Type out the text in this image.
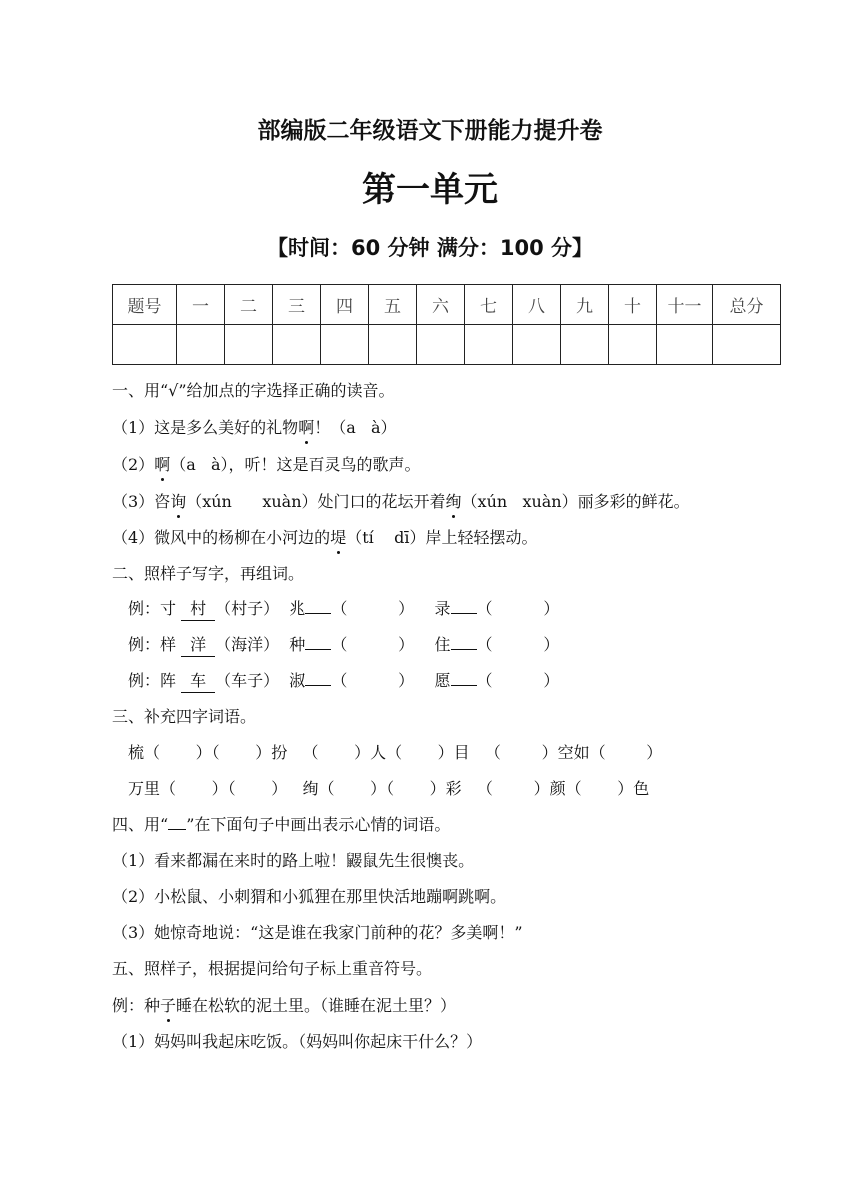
部编版二年级语文下册能力提升卷
第一单元
【时间：60 分钟 满分：100 分】
题号	一	二	三	四	五	六	七	八	九	十	十一	总分

一、用“√”给加点的字选择正确的读音。
（1）这是多么美好的礼物啊！（a   à）
（2）啊（a   à），听！这是百灵鸟的歌声。
（3）咨询（xún      xuàn）处门口的花坛开着绚（xún   xuàn）丽多彩的鲜花。
（4）微风中的杨柳在小河边的堤（tí    dī）岸上轻轻摆动。
二、照样子写字，再组词。
例：寸 村 （村子） 兆 （          ） 录 （          ）
例：样 洋 （海洋） 种 （          ） 住 （          ）
例：阵 车 （车子） 淑 （          ） 愿 （          ）
三、补充四字词语。
梳（       ）（       ）扮   （       ）人（       ）目   （        ）空如（        ）
万里（       ）（       ）   绚（       ）（       ）彩   （        ）颜（       ）色
四、用“ ”在下面句子中画出表示心情的词语。
（1）看来都漏在来时的路上啦！鼹鼠先生很懊丧。
（2）小松鼠、小刺猬和小狐狸在那里快活地蹦啊跳啊。
（3）她惊奇地说：“这是谁在我家门前种的花？多美啊！”
五、照样子，根据提问给句子标上重音符号。
例：种子睡在松软的泥土里。（谁睡在泥土里？）
（1）妈妈叫我起床吃饭。（妈妈叫你起床干什么？）
